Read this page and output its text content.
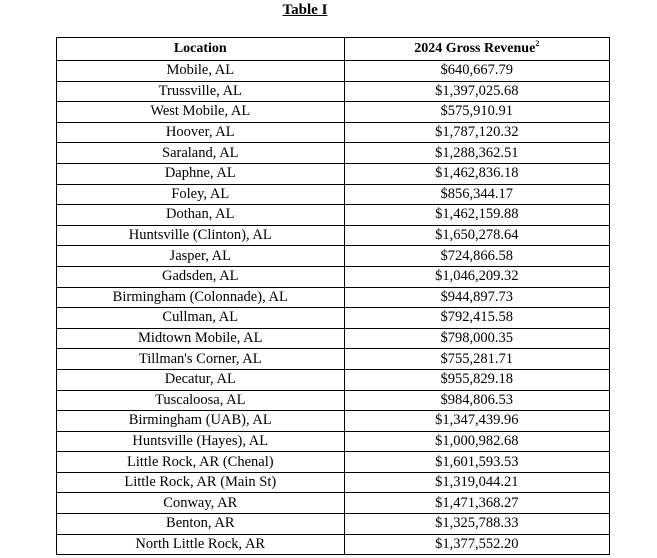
Table I
Location	2024 Gross Revenue$^2$
Mobile, AL	$640,667.79
Trussville, AL	$1,397,025.68
West Mobile, AL	$575,910.91
Hoover, AL	$1,787,120.32
Saraland, AL	$1,288,362.51
Daphne, AL	$1,462,836.18
Foley, AL	$856,344.17
Dothan, AL	$1,462,159.88
Huntsville (Clinton), AL	$1,650,278.64
Jasper, AL	$724,866.58
Gadsden, AL	$1,046,209.32
Birmingham (Colonnade), AL	$944,897.73
Cullman, AL	$792,415.58
Midtown Mobile, AL	$798,000.35
Tillman's Corner, AL	$755,281.71
Decatur, AL	$955,829.18
Tuscaloosa, AL	$984,806.53
Birmingham (UAB), AL	$1,347,439.96
Huntsville (Hayes), AL	$1,000,982.68
Little Rock, AR (Chenal)	$1,601,593.53
Little Rock, AR (Main St)	$1,319,044.21
Conway, AR	$1,471,368.27
Benton, AR	$1,325,788.33
North Little Rock, AR	$1,377,552.20
